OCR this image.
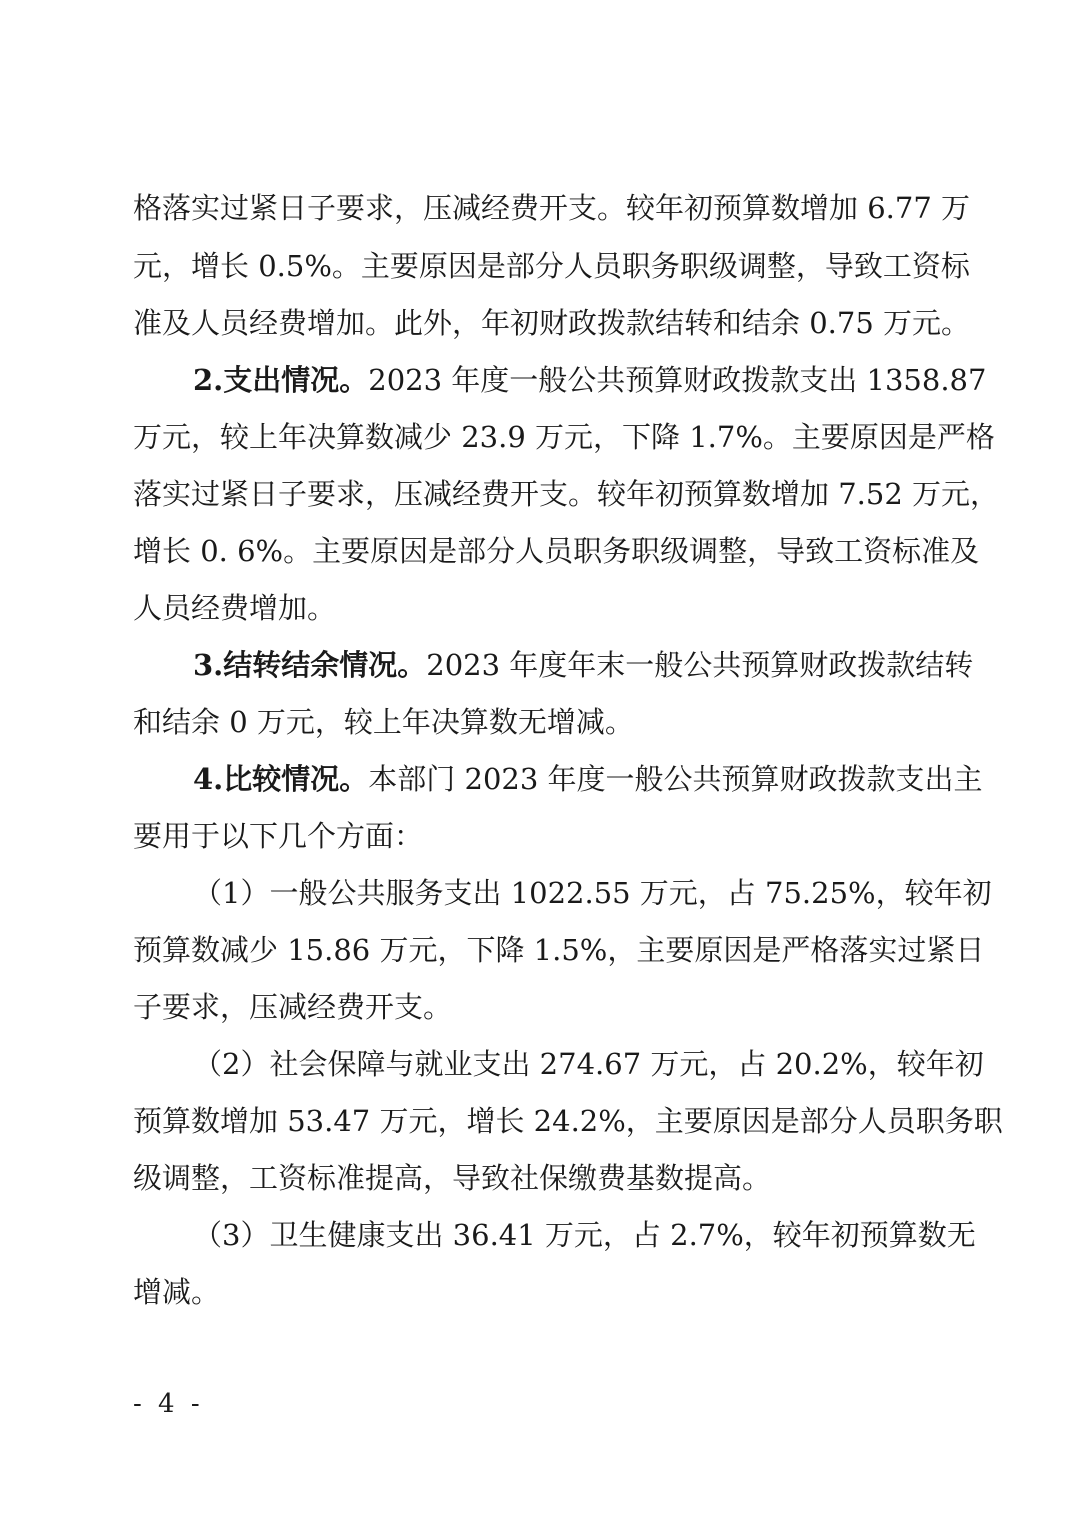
格落实过紧日子要求，压减经费开支。较年初预算数增加 6.77 万
元，增长 0.5%。主要原因是部分人员职务职级调整，导致工资标
准及人员经费增加。此外，年初财政拨款结转和结余 0.75 万元。
2.支出情况。2023 年度一般公共预算财政拨款支出 1358.87
万元，较上年决算数减少 23.9 万元，下降 1.7%。主要原因是严格
落实过紧日子要求，压减经费开支。较年初预算数增加 7.52 万元，
增长 0. 6%。主要原因是部分人员职务职级调整，导致工资标准及
人员经费增加。
3.结转结余情况。2023 年度年末一般公共预算财政拨款结转
和结余 0 万元，较上年决算数无增减。
4.比较情况。本部门 2023 年度一般公共预算财政拨款支出主
要用于以下几个方面：
（1）一般公共服务支出 1022.55 万元，占 75.25%，较年初
预算数减少 15.86 万元，下降 1.5%，主要原因是严格落实过紧日
子要求，压减经费开支。
（2）社会保障与就业支出 274.67 万元，占 20.2%，较年初
预算数增加 53.47 万元，增长 24.2%，主要原因是部分人员职务职
级调整，工资标准提高，导致社保缴费基数提高。
（3）卫生健康支出 36.41 万元，占 2.7%，较年初预算数无
增减。
- 4 -
